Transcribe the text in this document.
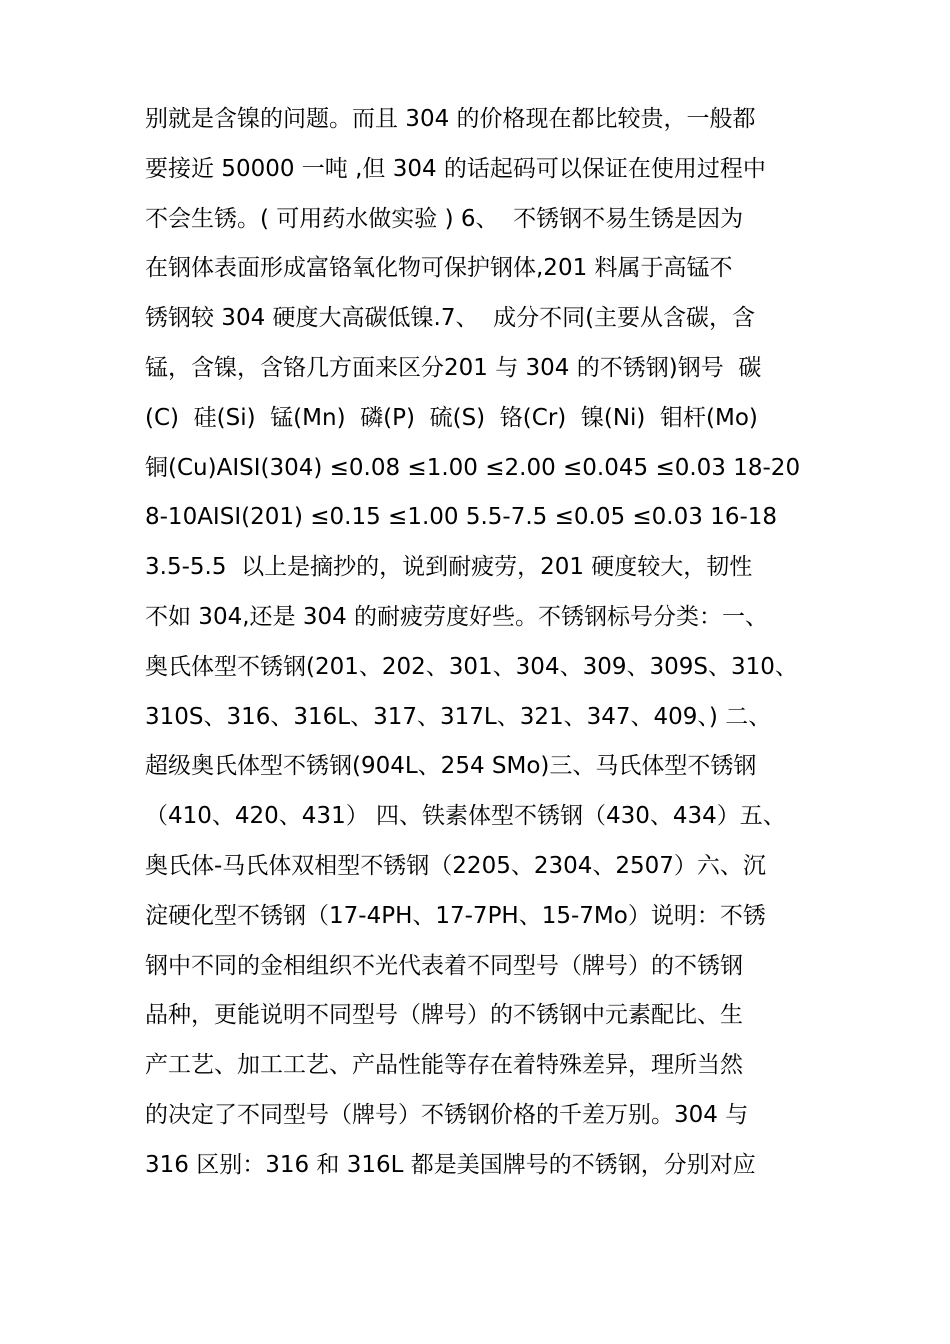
别就是含镍的问题。而且 304 的价格现在都比较贵，一般都
要接近 50000 一吨 ,但 304 的话起码可以保证在使用过程中
不会生锈。( 可用药水做实验 ) 6、  不锈钢不易生锈是因为
在钢体表面形成富铬氧化物可保护钢体,201 料属于高锰不
锈钢较 304 硬度大高碳低镍.7、  成分不同(主要从含碳，含
锰，含镍，含铬几方面来区分201 与 304 的不锈钢)钢号  碳
(C)  硅(Si)  锰(Mn)  磷(P)  硫(S)  铬(Cr)  镍(Ni)  钼杆(Mo)
铜(Cu)AISI(304) ≤0.08 ≤1.00 ≤2.00 ≤0.045 ≤0.03 18-20
8-10AISI(201) ≤0.15 ≤1.00 5.5-7.5 ≤0.05 ≤0.03 16-18
3.5-5.5  以上是摘抄的，说到耐疲劳，201 硬度较大，韧性
不如 304,还是 304 的耐疲劳度好些。不锈钢标号分类：一、
奥氏体型不锈钢(201、202、301、304、309、309S、310、
310S、316、316L、317、317L、321、347、409、) 二、
超级奥氏体型不锈钢(904L、254 SMo)三、马氏体型不锈钢
（410、420、431） 四、铁素体型不锈钢（430、434）五、
奥氏体-马氏体双相型不锈钢（2205、2304、2507）六、沉
淀硬化型不锈钢（17-4PH、17-7PH、15-7Mo）说明：不锈
钢中不同的金相组织不光代表着不同型号（牌号）的不锈钢
品种，更能说明不同型号（牌号）的不锈钢中元素配比、生
产工艺、加工工艺、产品性能等存在着特殊差异，理所当然
的决定了不同型号（牌号）不锈钢价格的千差万别。304 与
316 区别：316 和 316L 都是美国牌号的不锈钢，分别对应
